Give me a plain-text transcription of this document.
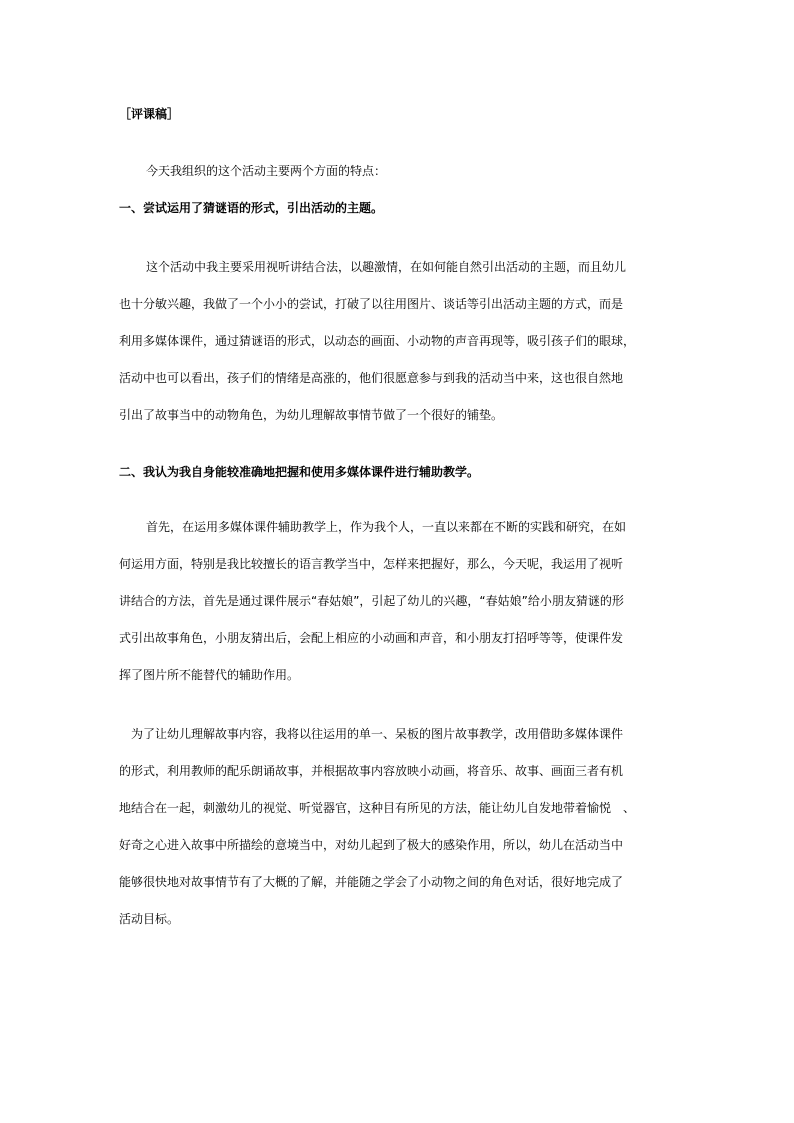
［评课稿］
今天我组织的这个活动主要两个方面的特点：
一、尝试运用了猜谜语的形式，引出活动的主题。
这个活动中我主要采用视听讲结合法，以趣激情，在如何能自然引出活动的主题，而且幼儿
也十分敏兴趣，我做了一个小小的尝试，打破了以往用图片、谈话等引出活动主题的方式，而是
利用多媒体课件，通过猜谜语的形式，以动态的画面、小动物的声音再现等，吸引孩子们的眼球，
活动中也可以看出，孩子们的情绪是高涨的，他们很愿意参与到我的活动当中来，这也很自然地
引出了故事当中的动物角色，为幼儿理解故事情节做了一个很好的铺垫。
二、我认为我自身能较准确地把握和使用多媒体课件进行辅助教学。
首先，在运用多媒体课件辅助教学上，作为我个人，一直以来都在不断的实践和研究，在如
何运用方面，特别是我比较擅长的语言教学当中，怎样来把握好，那么，今天呢，我运用了视听
讲结合的方法，首先是通过课件展示“春姑娘”，引起了幼儿的兴趣，“春姑娘”给小朋友猜谜的形
式引出故事角色，小朋友猜出后，会配上相应的小动画和声音，和小朋友打招呼等等，使课件发
挥了图片所不能替代的辅助作用。
为了让幼儿理解故事内容，我将以往运用的单一、呆板的图片故事教学，改用借助多媒体课件
的形式，利用教师的配乐朗诵故事，并根据故事内容放映小动画，将音乐、故事、画面三者有机
地结合在一起，刺激幼儿的视觉、听觉器官，这种目有所见的方法，能让幼儿自发地带着愉悦　、
好奇之心进入故事中所描绘的意境当中，对幼儿起到了极大的感染作用，所以，幼儿在活动当中
能够很快地对故事情节有了大概的了解，并能随之学会了小动物之间的角色对话，很好地完成了
活动目标。
